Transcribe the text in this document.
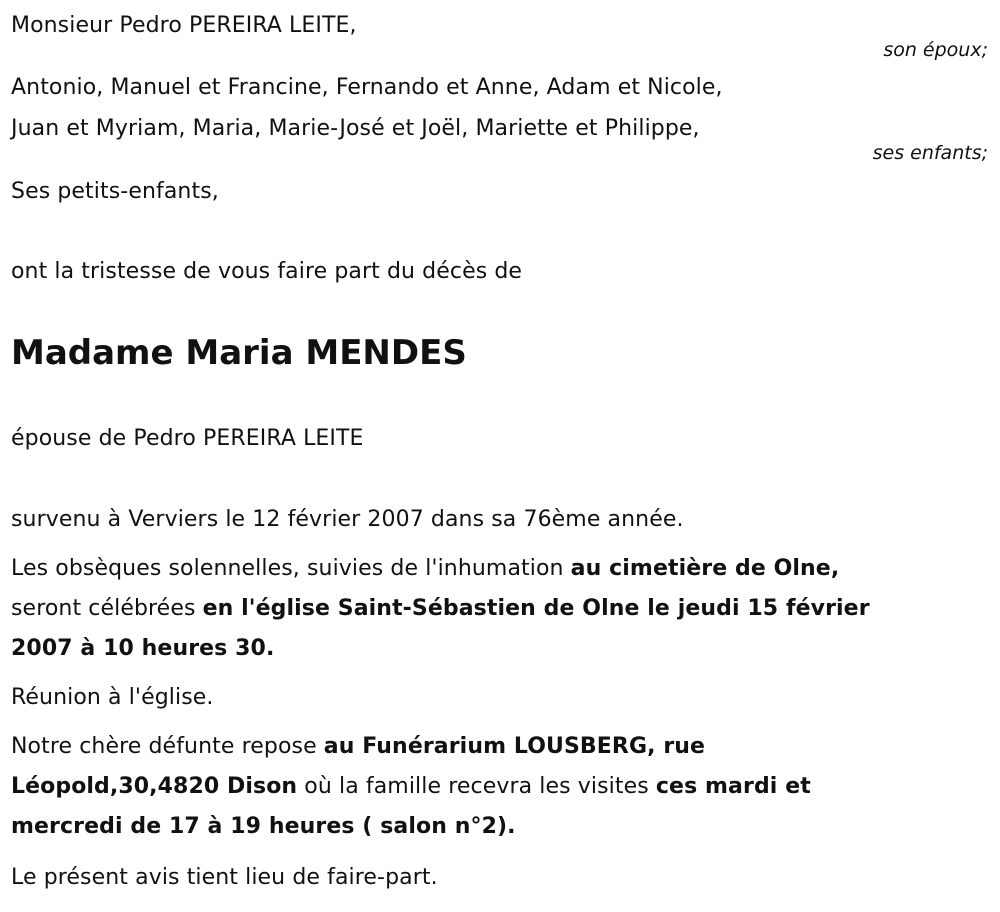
Monsieur Pedro PEREIRA LEITE,
son époux;
Antonio, Manuel et Francine, Fernando et Anne, Adam et Nicole,
Juan et Myriam, Maria, Marie-José et Joël, Mariette et Philippe,
ses enfants;
Ses petits-enfants,
ont la tristesse de vous faire part du décès de
Madame Maria MENDES
épouse de Pedro PEREIRA LEITE
survenu à Verviers le 12 février 2007 dans sa 76ème année.
Les obsèques solennelles, suivies de l'inhumation au cimetière de Olne,
seront célébrées en l'église Saint-Sébastien de Olne le jeudi 15 février
2007 à 10 heures 30.
Réunion à l'église.
Notre chère défunte repose au Funérarium LOUSBERG, rue
Léopold,30,4820 Dison où la famille recevra les visites ces mardi et
mercredi de 17 à 19 heures ( salon n°2).
Le présent avis tient lieu de faire-part.
